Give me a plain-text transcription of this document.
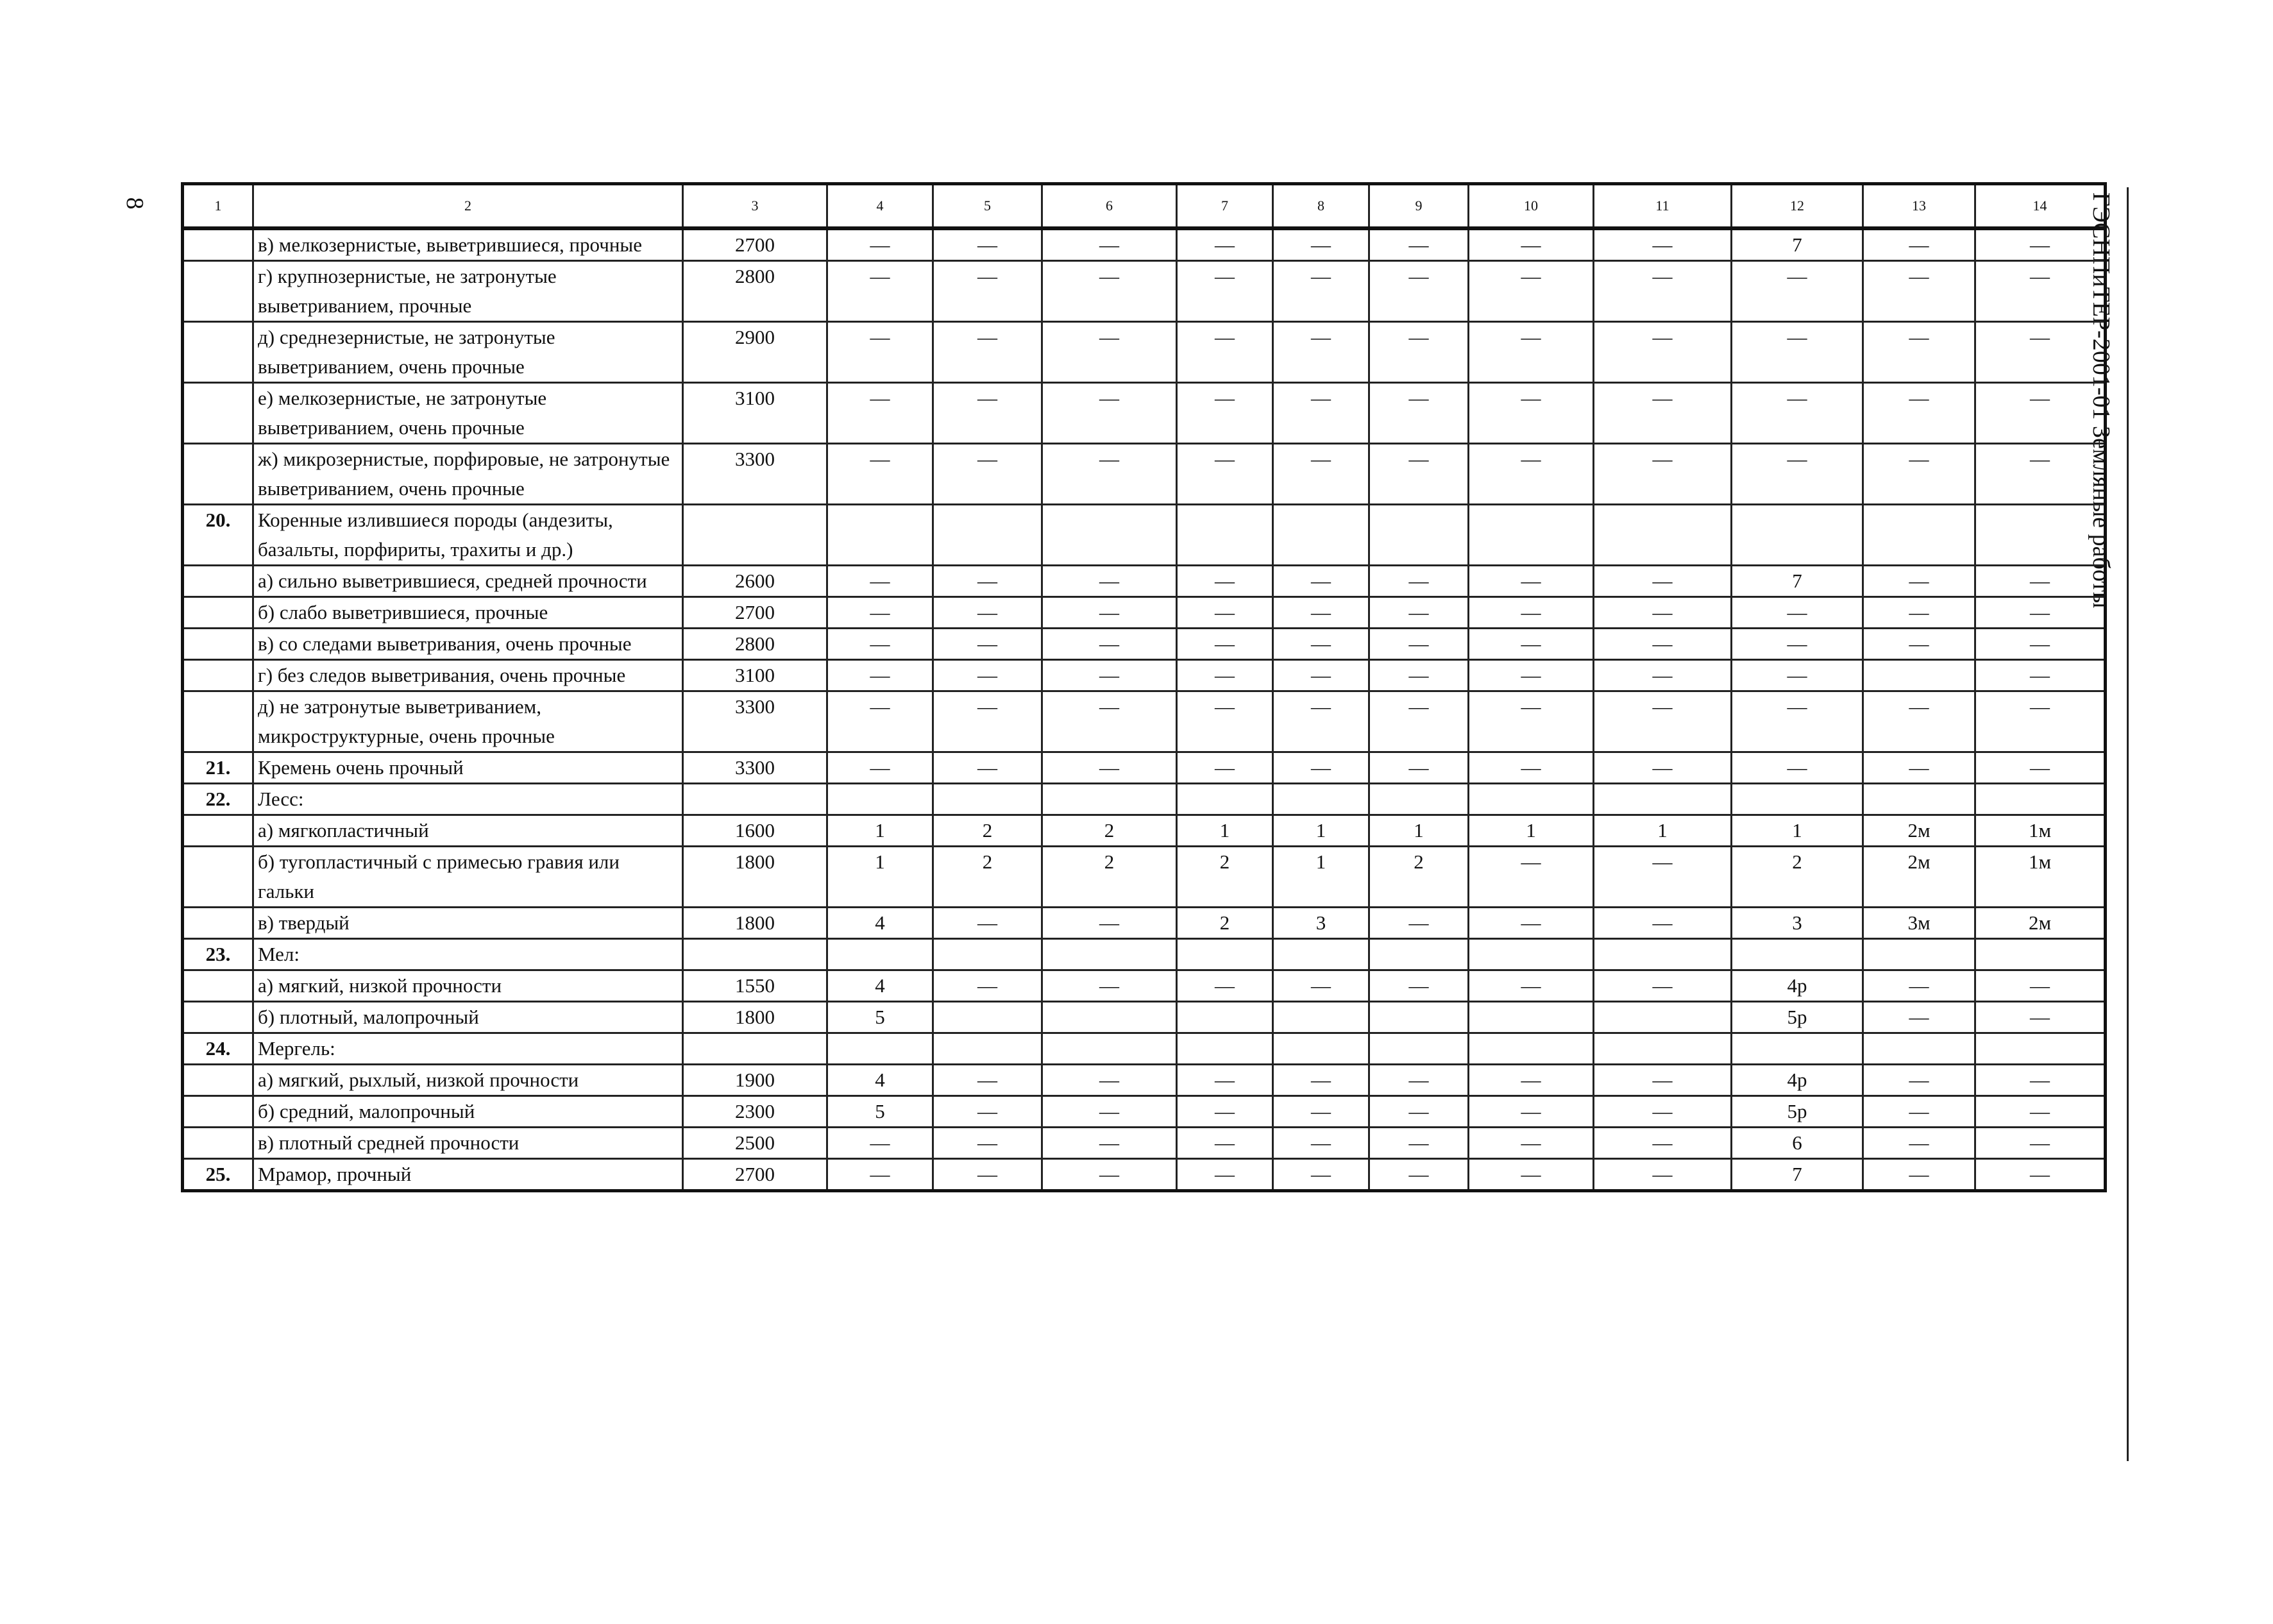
8	ГЭСНПиТЕР-2001-01 Земляные работы
1	2	3	4	5	6	7	8	9	10	11	12	13	14
	в) мелкозернистые, выветрившиеся, прочные	2700	—	—	—	—	—	—	—	—	7	—	—
	г) крупнозернистые, не затронутые выветриванием, прочные	2800	—	—	—	—	—	—	—	—	—	—	—
	д) среднезернистые, не затронутые выветриванием, очень прочные	2900	—	—	—	—	—	—	—	—	—	—	—
	е) мелкозернистые, не затронутые выветриванием, очень прочные	3100	—	—	—	—	—	—	—	—	—	—	—
	ж) микрозернистые, порфировые, не затронутые выветриванием, очень прочные	3300	—	—	—	—	—	—	—	—	—	—	—
20.	Коренные излившиеся породы (андезиты, базальты, порфириты, трахиты и др.)												
	а) сильно выветрившиеся, средней прочности	2600	—	—	—	—	—	—	—	—	7	—	—
	б) слабо выветрившиеся, прочные	2700	—	—	—	—	—	—	—	—	—	—	—
	в) со следами выветривания, очень прочные	2800	—	—	—	—	—	—	—	—	—	—	—
	г) без следов выветривания, очень прочные	3100	—	—	—	—	—	—	—	—	—		—
	д) не затронутые выветриванием, микроструктурные, очень прочные	3300	—	—	—	—	—	—	—	—	—	—	—
21.	Кремень очень прочный	3300	—	—	—	—	—	—	—	—	—	—	—
22.	Лесс:												
	а) мягкопластичный	1600	1	2	2	1	1	1	1	1	1	2м	1м
	б) тугопластичный с примесью гравия или гальки	1800	1	2	2	2	1	2	—	—	2	2м	1м
	в) твердый	1800	4	—	—	2	3	—	—	—	3	3м	2м
23.	Мел:												
	а) мягкий, низкой прочности	1550	4	—	—	—	—	—	—	—	4р	—	—
	б) плотный, малопрочный	1800	5								5р	—	—
24.	Мергель:												
	а) мягкий, рыхлый, низкой прочности	1900	4	—	—	—	—	—	—	—	4р	—	—
	б) средний, малопрочный	2300	5	—	—	—	—	—	—	—	5р	—	—
	в) плотный средней прочности	2500	—	—	—	—	—	—	—	—	6	—	—
25.	Мрамор, прочный	2700	—	—	—	—	—	—	—	—	7	—	—
